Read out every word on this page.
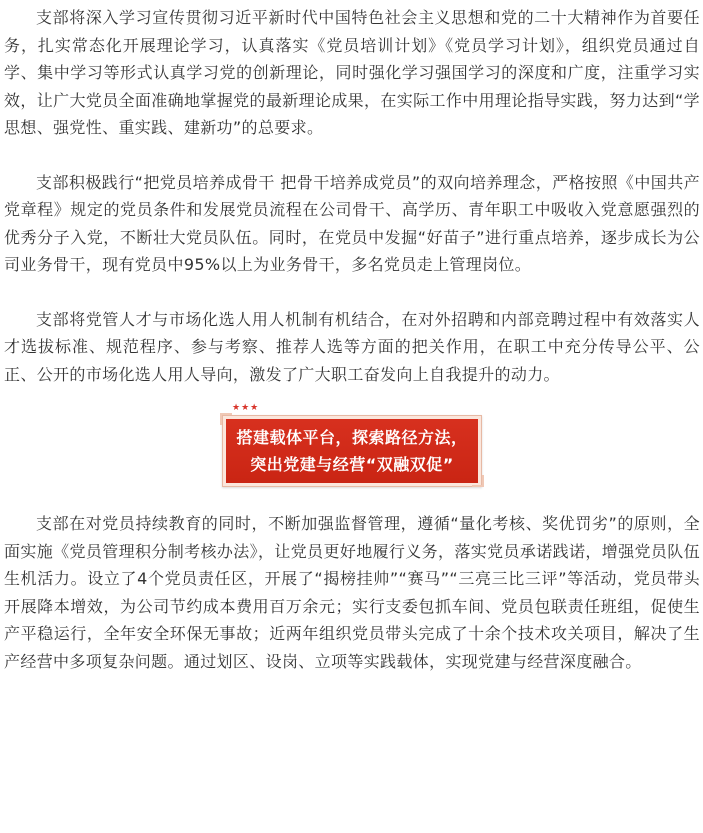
支部将深入学习宣传贯彻习近平新时代中国特色社会主义思想和党的二十大精神作为首要任务，扎实常态化开展理论学习，认真落实《党员培训计划》《党员学习计划》，组织党员通过自学、集中学习等形式认真学习党的创新理论，同时强化学习强国学习的深度和广度，注重学习实效，让广大党员全面准确地掌握党的最新理论成果，在实际工作中用理论指导实践，努力达到“学思想、强党性、重实践、建新功”的总要求。

支部积极践行“把党员培养成骨干 把骨干培养成党员”的双向培养理念，严格按照《中国共产党章程》规定的党员条件和发展党员流程在公司骨干、高学历、青年职工中吸收入党意愿强烈的优秀分子入党，不断壮大党员队伍。同时，在党员中发掘“好苗子”进行重点培养，逐步成长为公司业务骨干，现有党员中95%以上为业务骨干，多名党员走上管理岗位。

支部将党管人才与市场化选人用人机制有机结合，在对外招聘和内部竞聘过程中有效落实人才选拔标准、规范程序、参与考察、推荐人选等方面的把关作用，在职工中充分传导公平、公正、公开的市场化选人用人导向，激发了广大职工奋发向上自我提升的动力。

★★★
搭建载体平台，探索路径方法，
突出党建与经营“双融双促”

支部在对党员持续教育的同时，不断加强监督管理，遵循“量化考核、奖优罚劣”的原则，全面实施《党员管理积分制考核办法》，让党员更好地履行义务，落实党员承诺践诺，增强党员队伍生机活力。设立了4个党员责任区，开展了“揭榜挂帅”“赛马”“三亮三比三评”等活动，党员带头开展降本增效，为公司节约成本费用百万余元；实行支委包抓车间、党员包联责任班组，促使生产平稳运行，全年安全环保无事故；近两年组织党员带头完成了十余个技术攻关项目，解决了生产经营中多项复杂问题。通过划区、设岗、立项等实践载体，实现党建与经营深度融合。
